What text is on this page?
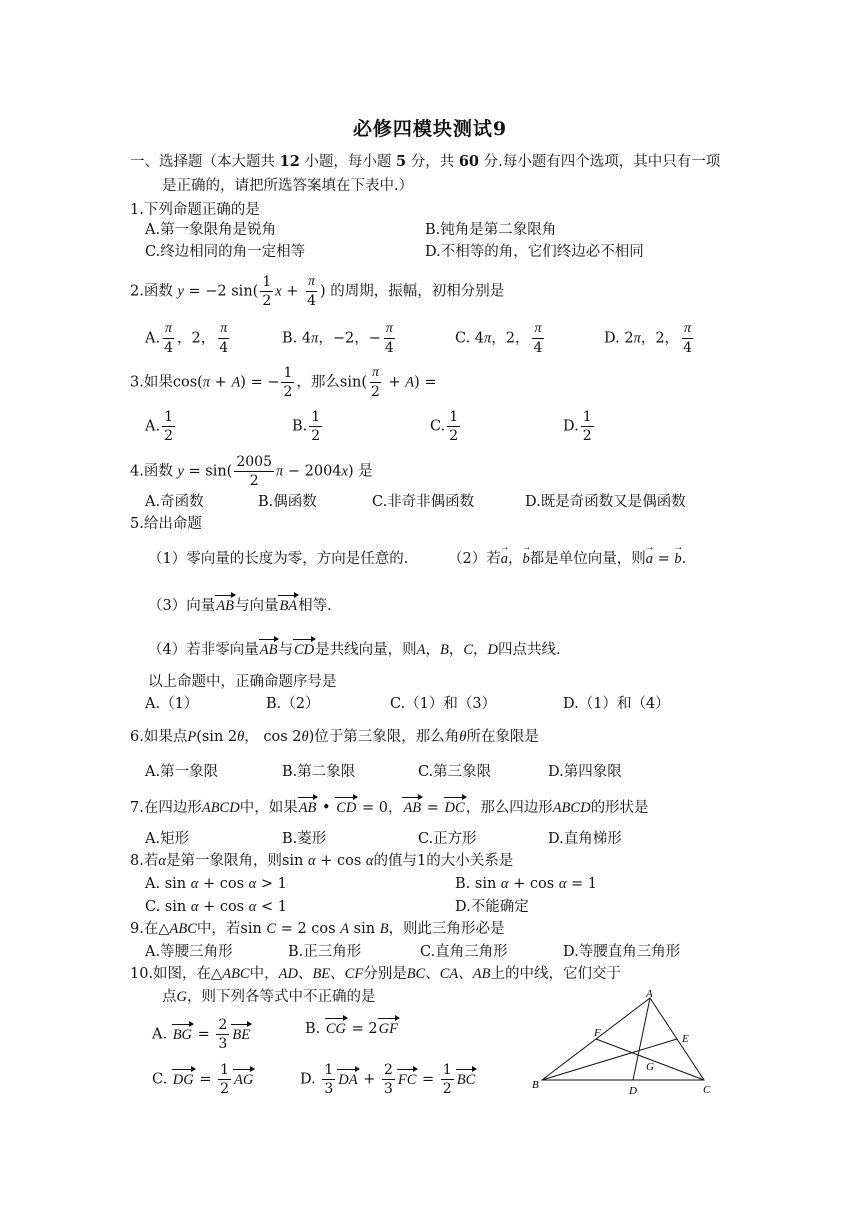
必修四模块测试9
一、选择题（本大题共 12 小题，每小题 5 分，共 60 分.每小题有四个选项，其中只有一项
是正确的，请把所选答案填在下表中.）
1.下列命题正确的是
A.第一象限角是锐角	B.钝角是第二象限角
C.终边相同的角一定相等	D.不相等的角，它们终边必不相同
2.函数 y = −2 $\sin( \frac{1}{2}$ $x + \frac{\pi}{4}$ ) 的周期，振幅，初相分别是
A. $\frac{\pi}{4}$ ，2， $\frac{\pi}{4}$	B. 4π，−2，− $\frac{\pi}{4}$	C. 4π，2， $\frac{\pi}{4}$	D. 2π，2， $\frac{\pi}{4}$
3.如果cos(π + A) = − $\frac{1}{2}$ ，那么$\sin( \frac{\pi}{2} + A)$ =
A. $\frac{1}{2}$	B. $\frac{1}{2}$	C. $\frac{1}{2}$	D. $\frac{1}{2}$
4.函数 $y = \sin( \frac{2005}{2}$ π − 2004x) 是
A.奇函数	B.偶函数	C.非奇非偶函数	D.既是奇函数又是偶函数
5.给出命题
（1）零向量的长度为零，方向是任意的.	（2）若→ a，→ b都是单位向量，则→ a = → b.
（3）向量AB与向量BA相等.
（4）若非零向量AB与CD是共线向量，则A，B，C，D四点共线.
以上命题中，正确命题序号是
A.（1）	B.（2）	C.（1）和（3）	D.（1）和（4）
6.如果点P(sin 2θ， cos 2θ)位于第三象限，那么角θ所在象限是
A.第一象限	B.第二象限	C.第三象限	D.第四象限
7.在四边形ABCD中，如果AB • CD = 0，AB = DC，那么四边形ABCD的形状是
A.矩形	B.菱形	C.正方形	D.直角梯形
8.若α是第一象限角，则sin α + cos α的值与1的大小关系是
A. sin α + cos α > 1	B. sin α + cos α = 1
C. sin α + cos α < 1	D.不能确定
9.在△ABC中，若sin C = 2 cos A sin B，则此三角形必是
A.等腰三角形	B.正三角形	C.直角三角形	D.等腰直角三角形
10.如图，在△ABC中，AD、BE、CF分别是BC、CA、AB上的中线，它们交于
点G，则下列各等式中不正确的是
A. BG = $\frac{2}{3}$ BE	B. CG = 2GF
C. DG = $\frac{1}{2}$ AG	D. $\frac{1}{3}$ DA + $\frac{2}{3}$ FC = $\frac{1}{2}$ BC
A
B	C
D
E
F
G
